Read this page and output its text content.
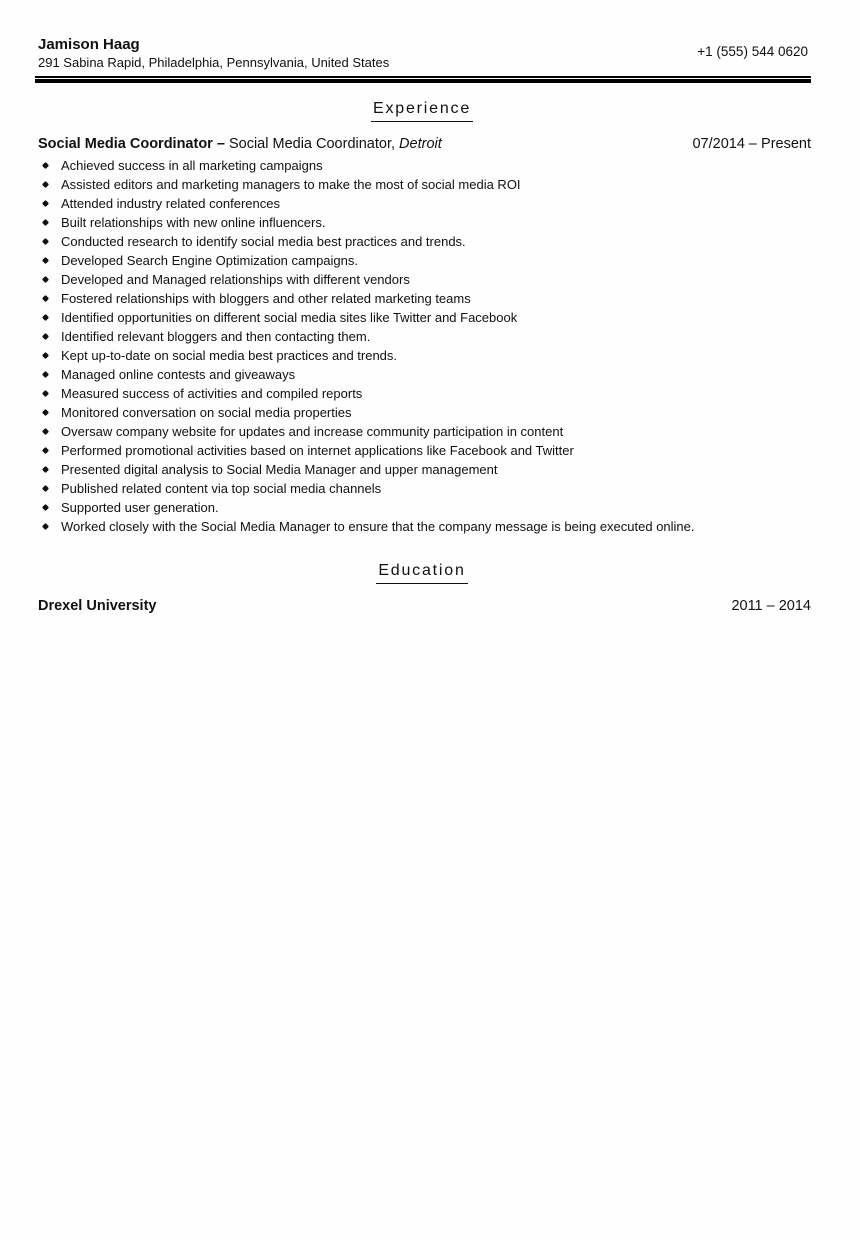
Jamison Haag
291 Sabina Rapid, Philadelphia, Pennsylvania, United States
+1 (555) 544 0620
Experience
Social Media Coordinator – Social Media Coordinator, Detroit	07/2014 – Present
Achieved success in all marketing campaigns
Assisted editors and marketing managers to make the most of social media ROI
Attended industry related conferences
Built relationships with new online influencers.
Conducted research to identify social media best practices and trends.
Developed Search Engine Optimization campaigns.
Developed and Managed relationships with different vendors
Fostered relationships with bloggers and other related marketing teams
Identified opportunities on different social media sites like Twitter and Facebook
Identified relevant bloggers and then contacting them.
Kept up-to-date on social media best practices and trends.
Managed online contests and giveaways
Measured success of activities and compiled reports
Monitored conversation on social media properties
Oversaw company website for updates and increase community participation in content
Performed promotional activities based on internet applications like Facebook and Twitter
Presented digital analysis to Social Media Manager and upper management
Published related content via top social media channels
Supported user generation.
Worked closely with the Social Media Manager to ensure that the company message is being executed online.
Education
Drexel University	2011 – 2014
